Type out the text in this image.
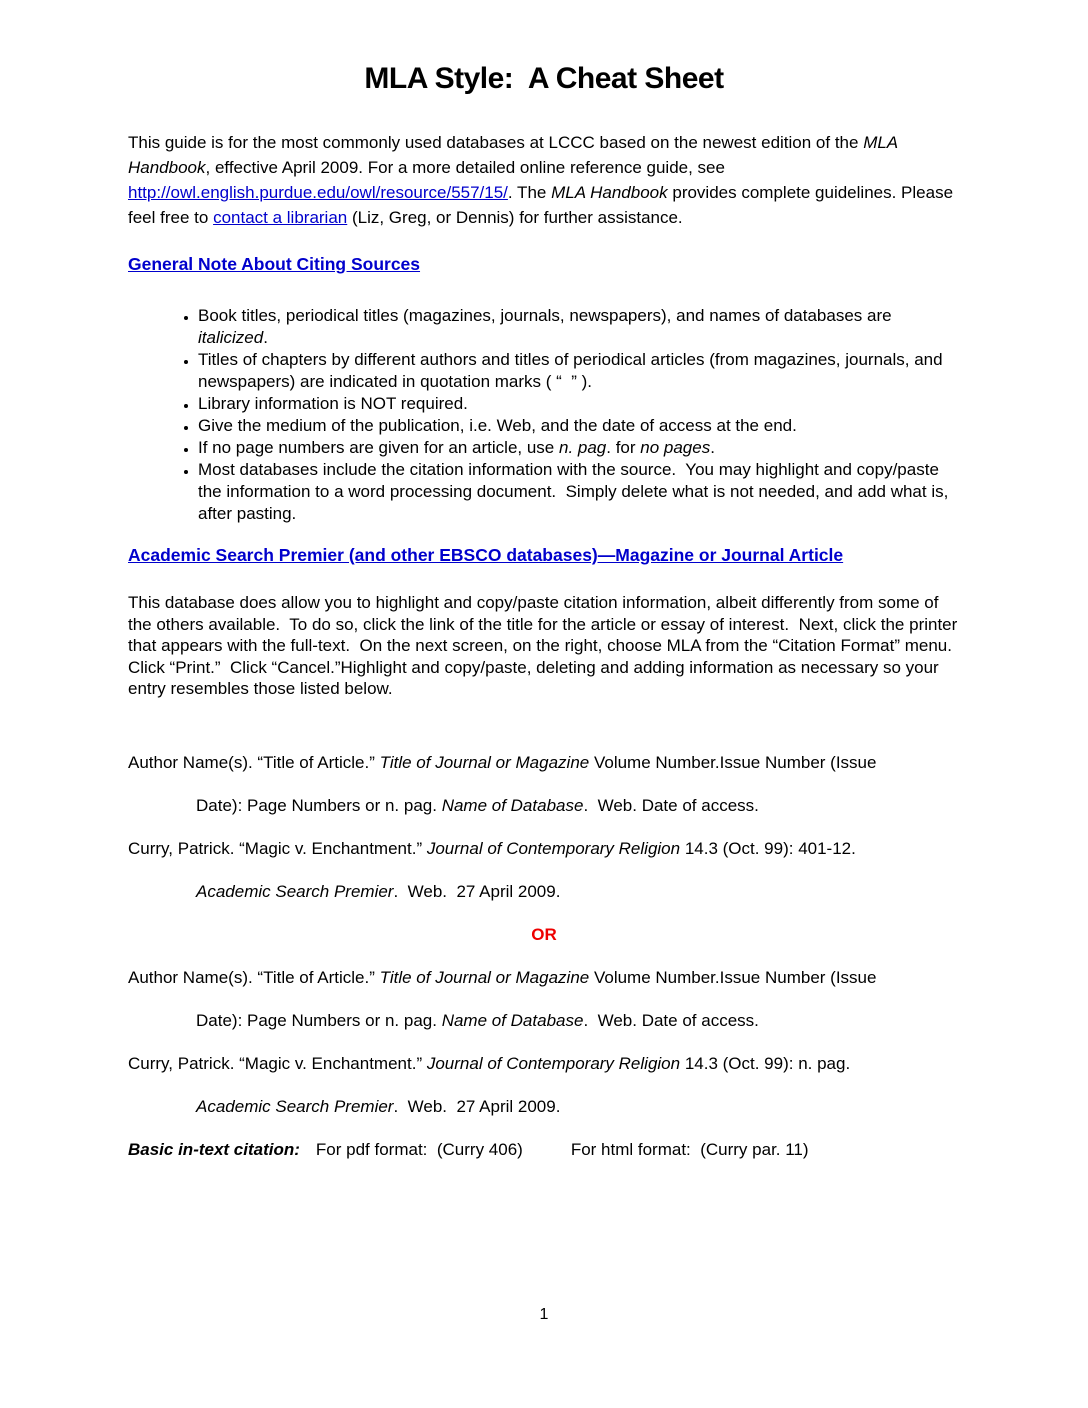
MLA Style:  A Cheat Sheet

This guide is for the most commonly used databases at LCCC based on the newest edition of the MLA Handbook, effective April 2009. For a more detailed online reference guide, see http://owl.english.purdue.edu/owl/resource/557/15/. The MLA Handbook provides complete guidelines. Please feel free to contact a librarian (Liz, Greg, or Dennis) for further assistance.

General Note About Citing Sources
• Book titles, periodical titles (magazines, journals, newspapers), and names of databases are italicized.
• Titles of chapters by different authors and titles of periodical articles (from magazines, journals, and newspapers) are indicated in quotation marks ( “  ” ).
• Library information is NOT required.
• Give the medium of the publication, i.e. Web, and the date of access at the end.
• If no page numbers are given for an article, use n. pag. for no pages.
• Most databases include the citation information with the source.  You may highlight and copy/paste the information to a word processing document.  Simply delete what is not needed, and add what is, after pasting.
Academic Search Premier (and other EBSCO databases)—Magazine or Journal Article

This database does allow you to highlight and copy/paste citation information, albeit differently from some of the others available.  To do so, click the link of the title for the article or essay of interest.  Next, click the printer that appears with the full-text.  On the next screen, on the right, choose MLA from the “Citation Format” menu. Click “Print.”  Click “Cancel.”Highlight and copy/paste, deleting and adding information as necessary so your entry resembles those listed below.

Author Name(s). “Title of Article.” Title of Journal or Magazine Volume Number.Issue Number (Issue
Date): Page Numbers or n. pag. Name of Database.  Web. Date of access.
Curry, Patrick. “Magic v. Enchantment.” Journal of Contemporary Religion 14.3 (Oct. 99): 401-12.
Academic Search Premier.  Web.  27 April 2009.
OR
Author Name(s). “Title of Article.” Title of Journal or Magazine Volume Number.Issue Number (Issue
Date): Page Numbers or n. pag. Name of Database.  Web. Date of access.
Curry, Patrick. “Magic v. Enchantment.” Journal of Contemporary Religion 14.3 (Oct. 99): n. pag.
Academic Search Premier.  Web.  27 April 2009.
Basic in-text citation: For pdf format:  (Curry 406)	For html format:  (Curry par. 11)
1
